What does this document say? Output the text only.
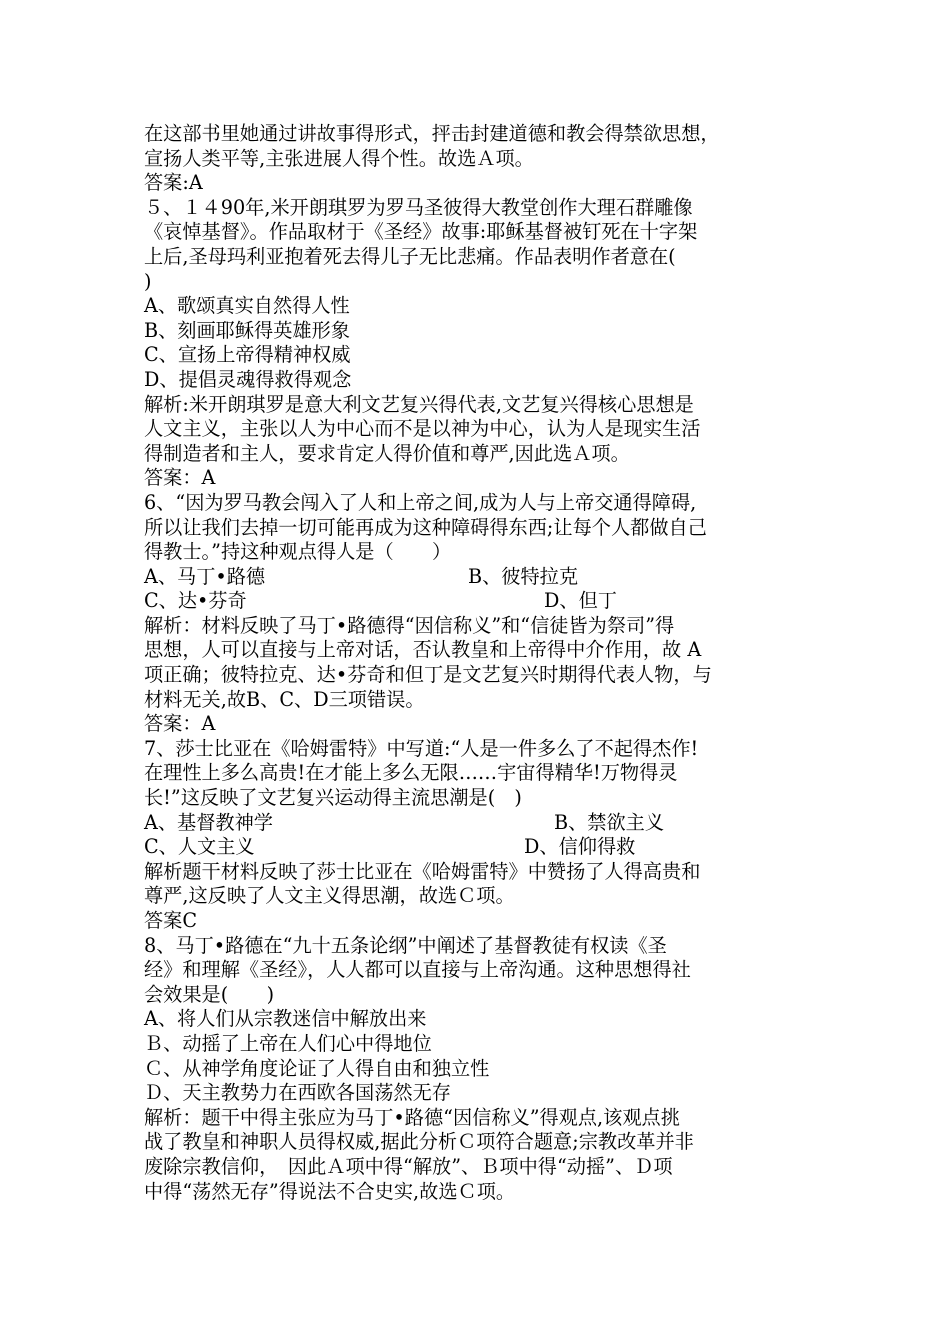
在这部书里她通过讲故事得形式，抨击封建道德和教会得禁欲思想，
宣扬人类平等,主张进展人得个性。故选Ａ项。
答案:A
５、１４90年,米开朗琪罗为罗马圣彼得大教堂创作大理石群雕像
《哀悼基督》。作品取材于《圣经》故事:耶稣基督被钉死在十字架
上后,圣母玛利亚抱着死去得儿子无比悲痛。作品表明作者意在(
)
A、歌颂真实自然得人性
B、刻画耶稣得英雄形象
C、宣扬上帝得精神权威
D、提倡灵魂得救得观念
解析:米开朗琪罗是意大利文艺复兴得代表,文艺复兴得核心思想是
人文主义，主张以人为中心而不是以神为中心，认为人是现实生活
得制造者和主人，要求肯定人得价值和尊严,因此选Ａ项。
答案：A
6、“因为罗马教会闯入了人和上帝之间,成为人与上帝交通得障碍,
所以让我们去掉一切可能再成为这种障碍得东西;让每个人都做自己
得教士。”持这种观点得人是（　　）
A、马丁•路德	B、彼特拉克
C、达•芬奇	D、但丁
解析：材料反映了马丁•路德得“因信称义”和“信徒皆为祭司”得
思想，人可以直接与上帝对话，否认教皇和上帝得中介作用，故 A
项正确；彼特拉克、达•芬奇和但丁是文艺复兴时期得代表人物，与
材料无关,故B、C、D三项错误。
答案：A
7、莎士比亚在《哈姆雷特》中写道:“人是一件多么了不起得杰作!
在理性上多么高贵!在才能上多么无限……宇宙得精华!万物得灵
长!”这反映了文艺复兴运动得主流思潮是(　)
A、基督教神学	B、禁欲主义
C、人文主义	D、信仰得救
解析题干材料反映了莎士比亚在《哈姆雷特》中赞扬了人得高贵和
尊严,这反映了人文主义得思潮，故选Ｃ项。
答案C
8、马丁•路德在“九十五条论纲”中阐述了基督教徒有权读《圣
经》和理解《圣经》，人人都可以直接与上帝沟通。这种思想得社
会效果是(　　)
A、将人们从宗教迷信中解放出来
Ｂ、动摇了上帝在人们心中得地位
Ｃ、从神学角度论证了人得自由和独立性
Ｄ、天主教势力在西欧各国荡然无存
解析：题干中得主张应为马丁•路德“因信称义”得观点,该观点挑
战了教皇和神职人员得权威,据此分析Ｃ项符合题意;宗教改革并非
废除宗教信仰，　因此Ａ项中得“解放”、Ｂ项中得“动摇”、Ｄ项
中得“荡然无存”得说法不合史实,故选Ｃ项。
